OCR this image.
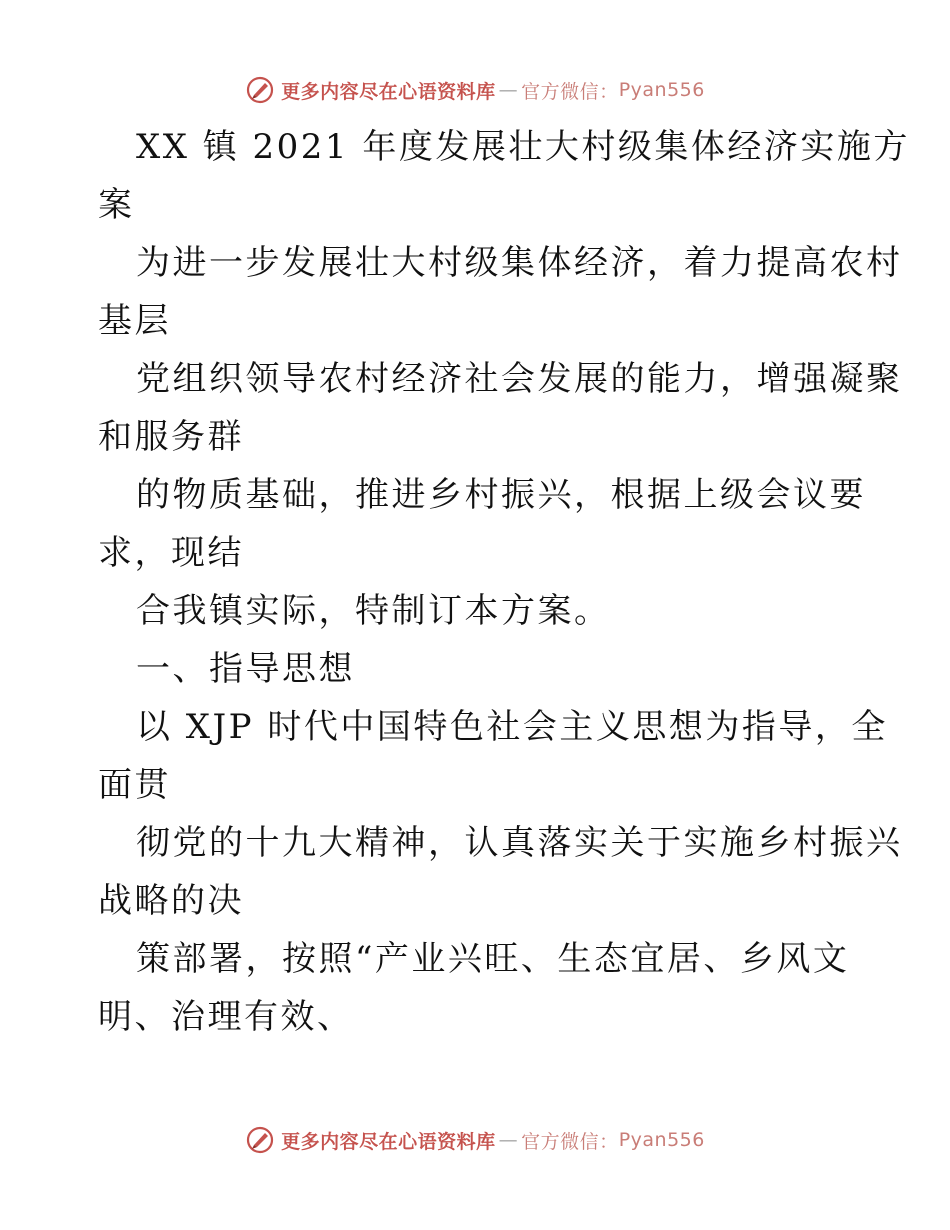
更多内容尽在心语资料库 — 官方微信： Pyan556
XX 镇 2021 年度发展壮大村级集体经济实施方
案
为进一步发展壮大村级集体经济，着力提高农村
基层
党组织领导农村经济社会发展的能力，增强凝聚
和服务群
的物质基础，推进乡村振兴，根据上级会议要
求，现结
合我镇实际，特制订本方案。
一、指导思想
以 XJP 时代中国特色社会主义思想为指导，全
面贯
彻党的十九大精神，认真落实关于实施乡村振兴
战略的决
策部署，按照“产业兴旺、生态宜居、乡风文
明、治理有效、
更多内容尽在心语资料库 — 官方微信： Pyan556
